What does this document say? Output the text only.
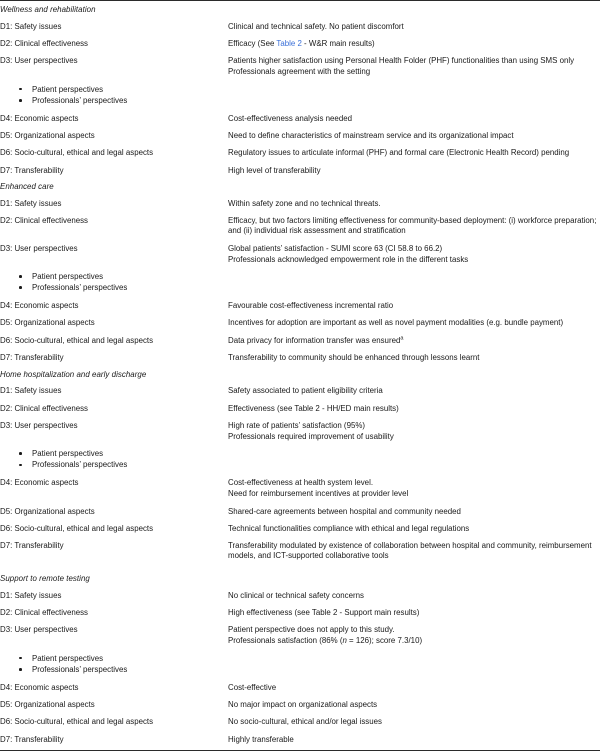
Wellness and rehabilitation	
D1: Safety issues	Clinical and technical safety. No patient discomfort

D2: Clinical effectiveness	Efficacy (See Table 2 - W&R main results)

D3: User perspectives	Patients higher satisfaction using Personal Health Folder (PHF) functionalities than using SMS only
Professionals agreement with the setting

Patient perspectives
Professionals’ perspectives

D4: Economic aspects	Cost-effectiveness analysis needed

D5: Organizational aspects	Need to define characteristics of mainstream service and its organizational impact

D6: Socio-cultural, ethical and legal aspects	Regulatory issues to articulate informal (PHF) and formal care (Electronic Health Record) pending

D7: Transferability	High level of transferability

Enhanced care	
D1: Safety issues	Within safety zone and no technical threats.

D2: Clinical effectiveness	Efficacy, but two factors limiting effectiveness for community-based deployment: (i) workforce preparation; and (ii) individual risk assessment and stratification

D3: User perspectives	Global patients’ satisfaction - SUMI score 63 (CI 58.8 to 66.2)
Professionals acknowledged empowerment role in the different tasks

Patient perspectives
Professionals’ perspectives

D4: Economic aspects	Favourable cost-effectiveness incremental ratio

D5: Organizational aspects	Incentives for adoption are important as well as novel payment modalities (e.g. bundle payment)

D6: Socio-cultural, ethical and legal aspects	Data privacy for information transfer was ensured$^a$

D7: Transferability	Transferability to community should be enhanced through lessons learnt

Home hospitalization and early discharge	
D1: Safety issues	Safety associated to patient eligibility criteria

D2: Clinical effectiveness	Effectiveness (see Table 2 - HH/ED main results)

D3: User perspectives	High rate of patients’ satisfaction (95%)
Professionals required improvement of usability

Patient perspectives
Professionals’ perspectives

D4: Economic aspects	Cost-effectiveness at health system level.
Need for reimbursement incentives at provider level

D5: Organizational aspects	Shared-care agreements between hospital and community needed

D6: Socio-cultural, ethical and legal aspects	Technical functionalities compliance with ethical and legal regulations

D7: Transferability	Transferability modulated by existence of collaboration between hospital and community, reimbursement models, and ICT-supported collaborative tools

Support to remote testing	
D1: Safety issues	No clinical or technical safety concerns

D2: Clinical effectiveness	High effectiveness (see Table 2 - Support main results)

D3: User perspectives	Patient perspective does not apply to this study.
Professionals satisfaction (86% (n = 126); score 7.3/10)

Patient perspectives
Professionals’ perspectives

D4: Economic aspects	Cost-effective

D5: Organizational aspects	No major impact on organizational aspects

D6: Socio-cultural, ethical and legal aspects	No socio-cultural, ethical and/or legal issues

D7: Transferability	Highly transferable
